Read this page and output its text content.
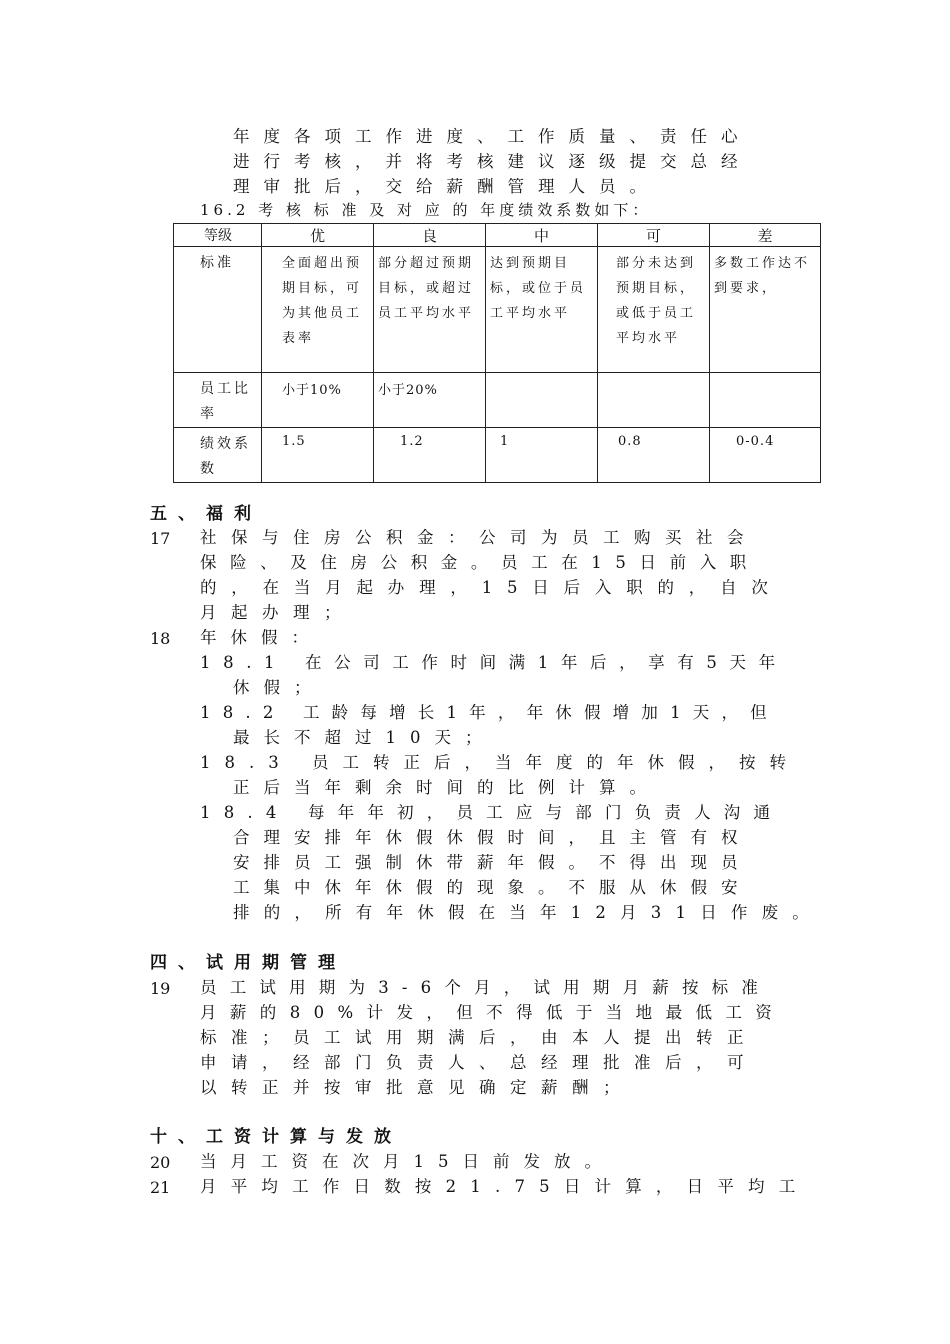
年度各项工作进度、工作质量、责任心
进行考核，并将考核建议逐级提交总经
理审批后，交给薪酬管理人员。
16.2 考 核 标 准 及 对 应 的 年度绩效系数如下：
等级	优	良	中	可	差
标准	全面超出预期目标，可为其他员工表率	部分超过预期目标，或超过员工平均水平	达到预期目标，或位于员工平均水平	部分未达到预期目标，或低于员工平均水平	多数工作达不到要求，
员工比率	小于10%	小于20%			
绩效系数	1.5	1.2	1	0.8	0-0.4
五、福利
17 社保与住房公积金：公司为员工购买社会
保险、及住房公积金。员工在15日前入职
的，在当月起办理，15日后入职的，自次
月起办理；
18 年休假：
18.1 在公司工作时间满1年后，享有5天年
休假；
18.2 工龄每增长1年，年休假增加1天，但
最长不超过10天；
18.3 员工转正后，当年度的年休假，按转
正后当年剩余时间的比例计算。
18.4 每年年初，员工应与部门负责人沟通
合理安排年休假休假时间，且主管有权
安排员工强制休带薪年假。不得出现员
工集中休年休假的现象。不服从休假安
排的，所有年休假在当年12月31日作废。
四、试用期管理
19 员工试用期为3-6个月，试用期月薪按标准
月薪的80%计发，但不得低于当地最低工资
标准；员工试用期满后，由本人提出转正
申请，经部门负责人、总经理批准后，可
以转正并按审批意见确定薪酬；
十、工资计算与发放
20 当月工资在次月15日前发放。
21 月平均工作日数按21.75日计算，日平均工
